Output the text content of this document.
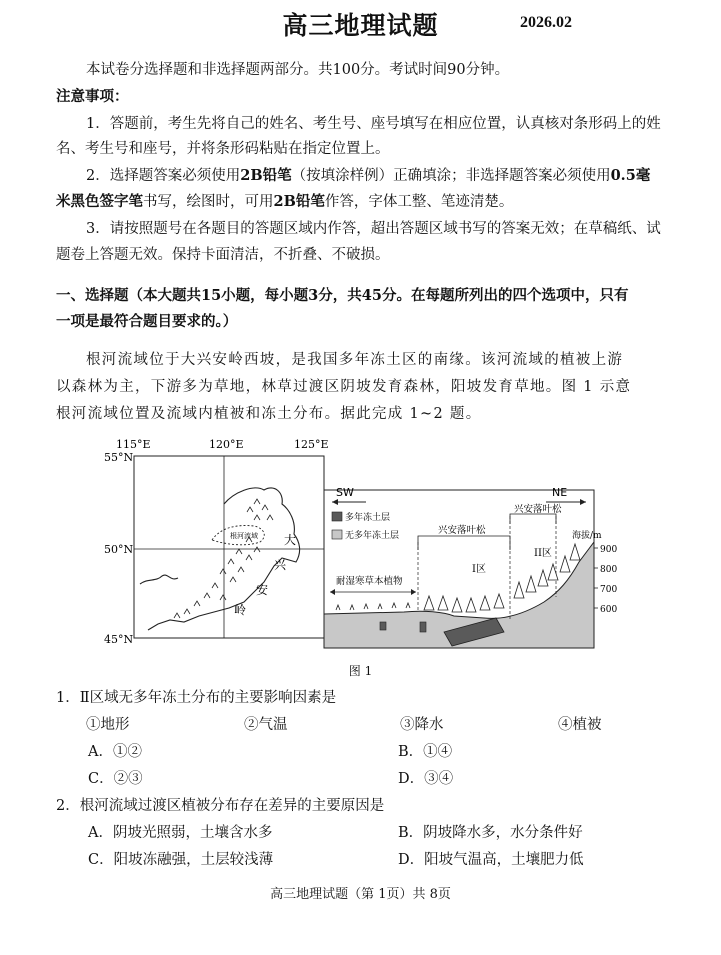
高三地理试题	2026.02
本试卷分选择题和非选择题两部分。共100分。考试时间90分钟。
注意事项：
1．答题前，考生先将自己的姓名、考生号、座号填写在相应位置，认真核对条形码上的姓
名、考生号和座号，并将条形码粘贴在指定位置上。
2．选择题答案必须使用2B铅笔（按填涂样例）正确填涂；非选择题答案必须使用0.5毫
米黑色签字笔书写，绘图时，可用2B铅笔作答，字体工整、笔迹清楚。
3．请按照题号在各题目的答题区域内作答，超出答题区域书写的答案无效；在草稿纸、试
题卷上答题无效。保持卡面清洁，不折叠、不破损。
一、选择题（本大题共15小题，每小题3分，共45分。在每题所列出的四个选项中，只有
一项是最符合题目要求的。）
根河流域位于大兴安岭西坡，是我国多年冻土区的南缘。该河流域的植被上游
以森林为主，下游多为草地，林草过渡区阴坡发育森林，阳坡发育草地。图 1 示意
根河流域位置及流域内植被和冻土分布。据此完成 1~2 题。
115°E	120°E	125°E
55°N
50°N
45°N
根河流域 大
兴
安
岭
SW	NE
多年冻土层
无多年冻土层	兴安落叶松
兴安落叶松
I区
II区
耐湿寒草本植物
海拔/m
900
800
700
600
图 1
1．Ⅱ区域无多年冻土分布的主要影响因素是
①地形	②气温	③降水	④植被
A．①②	B．①④
C．②③	D．③④
2．根河流域过渡区植被分布存在差异的主要原因是
A．阴坡光照弱，土壤含水多	B．阴坡降水多，水分条件好
C．阳坡冻融强，土层较浅薄	D．阳坡气温高，土壤肥力低
高三地理试题（第 1页）共 8页
